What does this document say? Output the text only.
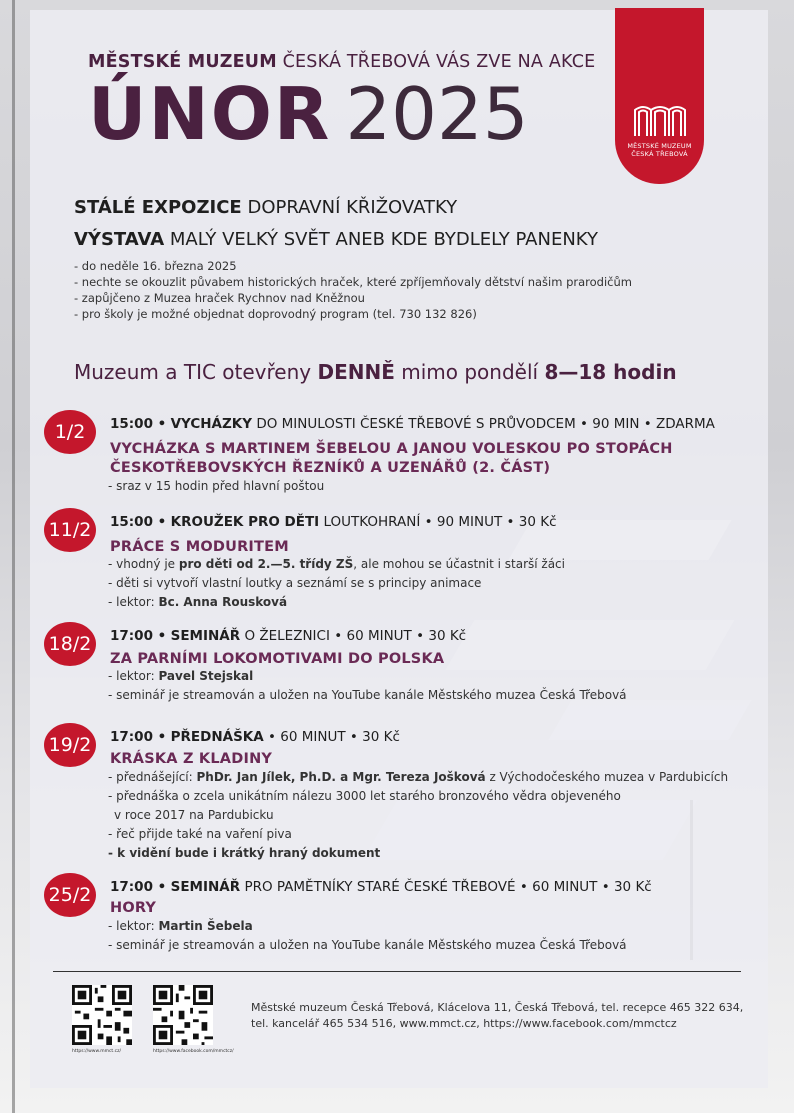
MĚSTSKÉ MUZEUM
ČESKÁ TŘEBOVÁ
MĚSTSKÉ MUZEUM ČESKÁ TŘEBOVÁ VÁS ZVE NA AKCE
ÚNOR 2025
STÁLÉ EXPOZICE DOPRAVNÍ KŘIŽOVATKY
VÝSTAVA MALÝ VELKÝ SVĚT ANEB KDE BYDLELY PANENKY
- do neděle 16. března 2025
- nechte se okouzlit půvabem historických hraček, které zpříjemňovaly dětství našim prarodičům
- zapůjčeno z Muzea hraček Rychnov nad Kněžnou
- pro školy je možné objednat doprovodný program (tel. 730 132 826)
Muzeum a TIC otevřeny DENNĚ mimo pondělí 8—18 hodin
1/2	15:00 • VYCHÁZKY DO MINULOSTI ČESKÉ TŘEBOVÉ S PRŮVODCEM • 90 MIN • ZDARMA
VYCHÁZKA S MARTINEM ŠEBELOU A JANOU VOLESKOU PO STOPÁCH ČESKOTŘEBOVSKÝCH ŘEZNÍKŮ A UZENÁŘŮ (2. ČÁST)
- sraz v 15 hodin před hlavní poštou
11/2	15:00 • KROUŽEK PRO DĚTI LOUTKOHRANÍ • 90 MINUT • 30 Kč
PRÁCE S MODURITEM
- vhodný je pro děti od 2.—5. třídy ZŠ, ale mohou se účastnit i starší žáci
- děti si vytvoří vlastní loutky a seznámí se s principy animace
- lektor: Bc. Anna Rousková
18/2	17:00 • SEMINÁŘ O ŽELEZNICI • 60 MINUT • 30 Kč
ZA PARNÍMI LOKOMOTIVAMI DO POLSKA
- lektor: Pavel Stejskal
- seminář je streamován a uložen na YouTube kanále Městského muzea Česká Třebová
19/2	17:00 • PŘEDNÁŠKA • 60 MINUT • 30 Kč
KRÁSKA Z KLADINY
- přednášející: PhDr. Jan Jílek, Ph.D. a Mgr. Tereza Jošková z Východočeského muzea v Pardubicích
- přednáška o zcela unikátním nálezu 3000 let starého bronzového vědra objeveného
v roce 2017 na Pardubicku
- řeč přijde také na vaření piva
- k vidění bude i krátký hraný dokument
25/2	17:00 • SEMINÁŘ PRO PAMĚTNÍKY STARÉ ČESKÉ TŘEBOVÉ • 60 MINUT • 30 Kč
HORY
- lektor: Martin Šebela
- seminář je streamován a uložen na YouTube kanále Městského muzea Česká Třebová
https://www.mmct.cz/	https://www.facebook.com/mmctcz/
Městské muzeum Česká Třebová, Klácelova 11, Česká Třebová, tel. recepce 465 322 634,
tel. kancelář 465 534 516, www.mmct.cz, https://www.facebook.com/mmctcz
